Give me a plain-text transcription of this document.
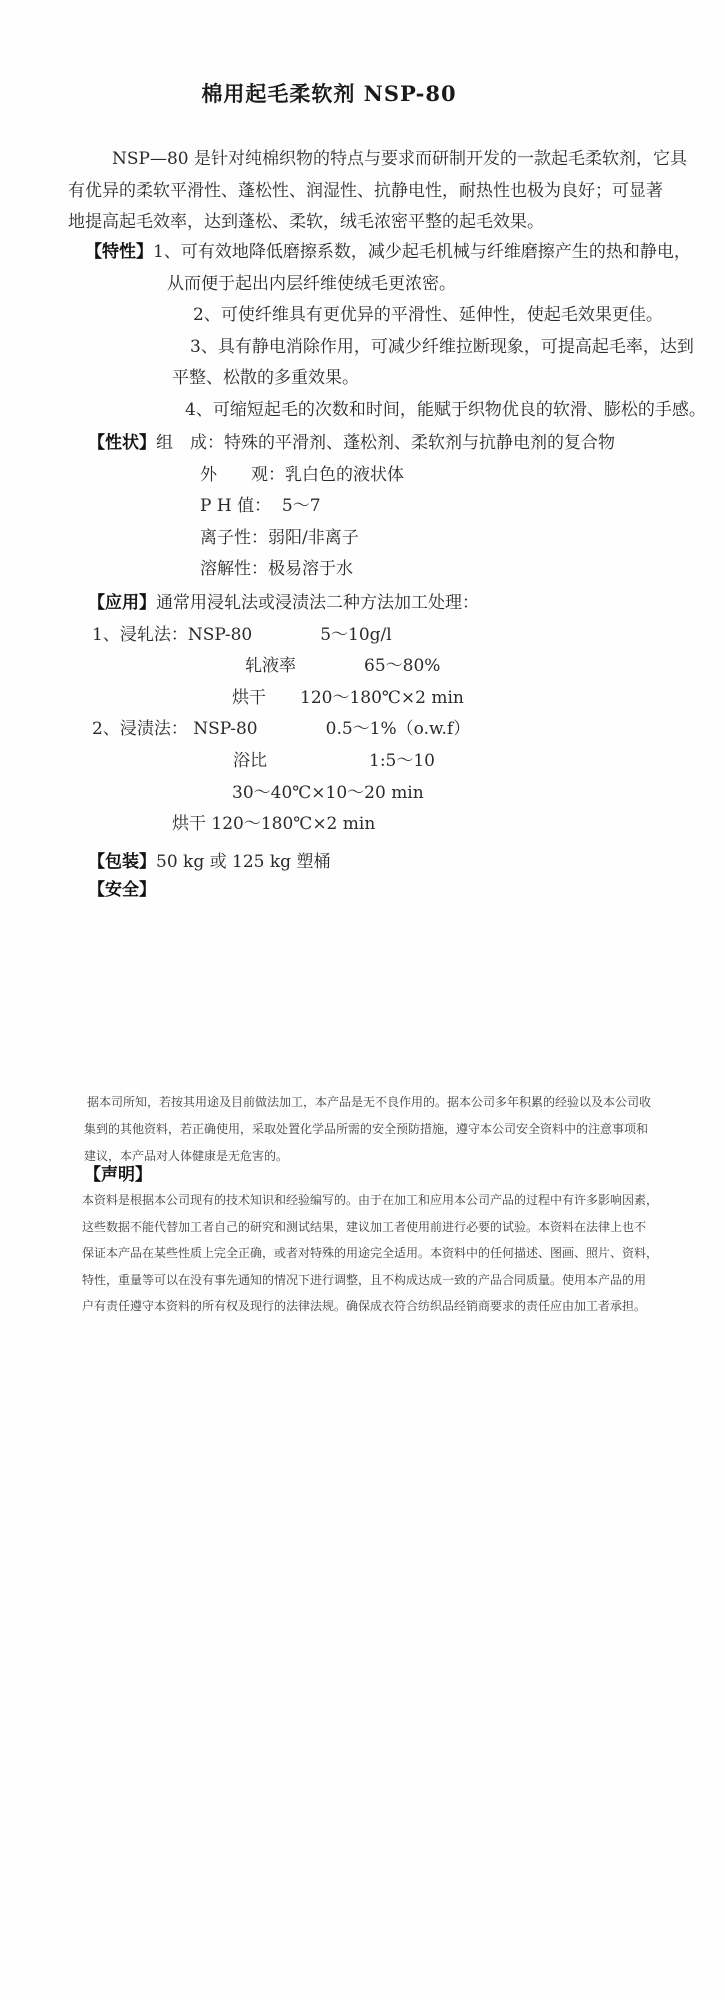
棉用起毛柔软剂 NSP-80
NSP—80 是针对纯棉织物的特点与要求而研制开发的一款起毛柔软剂，它具
有优异的柔软平滑性、蓬松性、润湿性、抗静电性，耐热性也极为良好；可显著
地提高起毛效率，达到蓬松、柔软，绒毛浓密平整的起毛效果。
【特性】1、可有效地降低磨擦系数，减少起毛机械与纤维磨擦产生的热和静电，
从而便于起出内层纤维使绒毛更浓密。
2、可使纤维具有更优异的平滑性、延伸性，使起毛效果更佳。
3、具有静电消除作用，可减少纤维拉断现象，可提高起毛率，达到
平整、松散的多重效果。
4、可缩短起毛的次数和时间，能赋于织物优良的软滑、膨松的手感。
【性状】组　成：特殊的平滑剂、蓬松剂、柔软剂与抗静电剂的复合物
外　　观：乳白色的液状体
P H 值：  5～7
离子性：弱阳/非离子
溶解性：极易溶于水
【应用】通常用浸轧法或浸渍法二种方法加工处理：
1、浸轧法：NSP-80　　　　5～10g/l
轧液率　　　　65～80%
烘干　　120～180℃×2 min
2、浸渍法： NSP-80　　　　0.5～1%（o.w.f）
浴比　　　　　　1:5～10
30～40℃×10～20 min
烘干 120～180℃×2 min
【包装】50 kg 或 125 kg 塑桶
【安全】
据本司所知，若按其用途及目前做法加工，本产品是无不良作用的。据本公司多年积累的经验以及本公司收
集到的其他资料，若正确使用，采取处置化学品所需的安全预防措施，遵守本公司安全资料中的注意事项和
建议，本产品对人体健康是无危害的。
【声明】
本资料是根据本公司现有的技术知识和经验编写的。由于在加工和应用本公司产品的过程中有许多影响因素，
这些数据不能代替加工者自己的研究和测试结果，建议加工者使用前进行必要的试验。本资料在法律上也不
保证本产品在某些性质上完全正确，或者对特殊的用途完全适用。本资料中的任何描述、图画、照片、资料，
特性，重量等可以在没有事先通知的情况下进行调整，且不构成达成一致的产品合同质量。使用本产品的用
户有责任遵守本资料的所有权及现行的法律法规。确保成衣符合纺织品经销商要求的责任应由加工者承担。
